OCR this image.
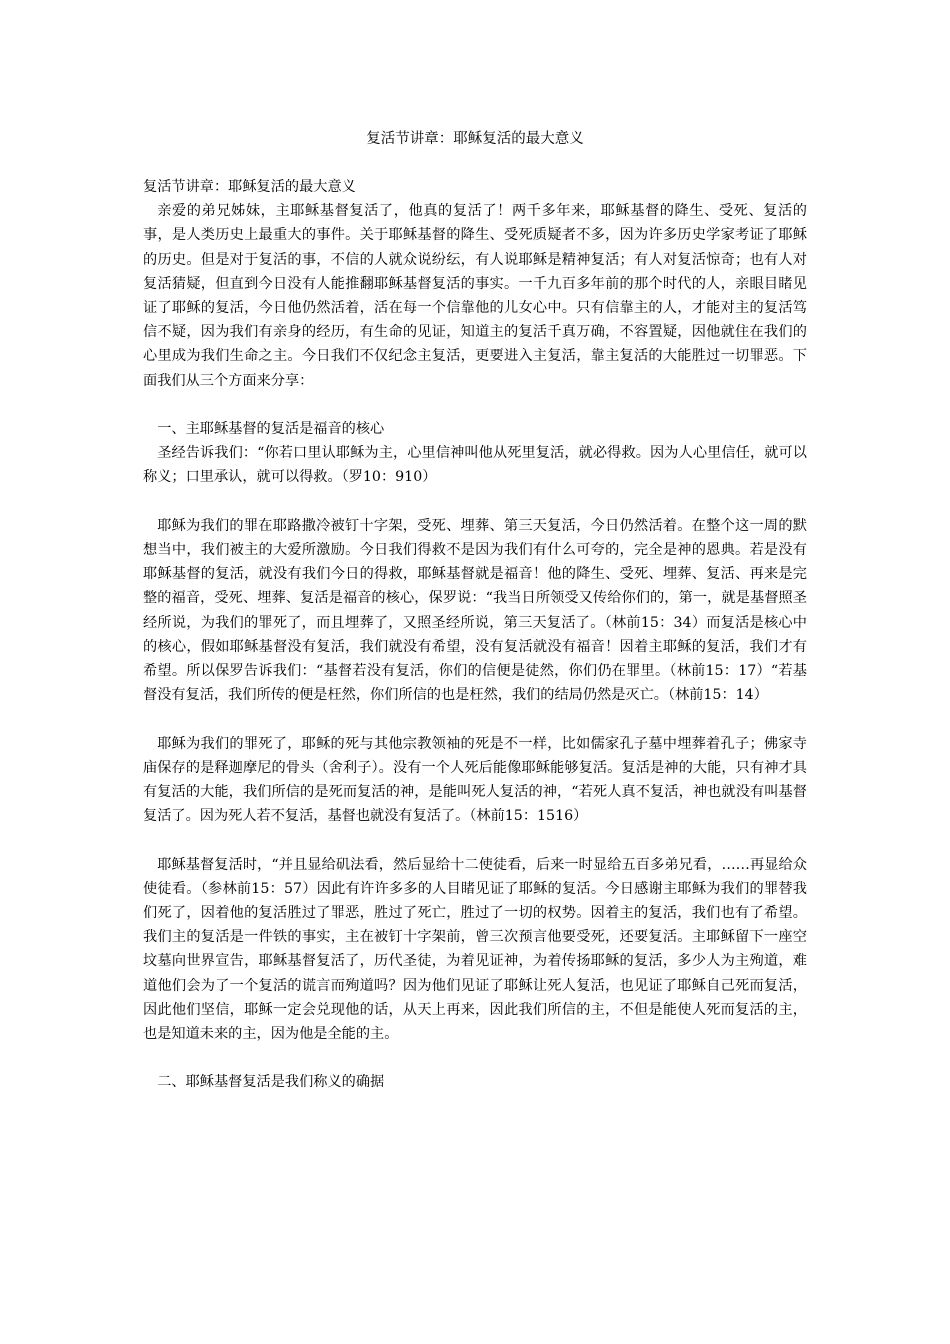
复活节讲章：耶稣复活的最大意义

复活节讲章：耶稣复活的最大意义

亲爱的弟兄姊妹，主耶稣基督复活了，他真的复活了！两千多年来，耶稣基督的降生、受死、复活的事，是人类历史上最重大的事件。关于耶稣基督的降生、受死质疑者不多，因为许多历史学家考证了耶稣的历史。但是对于复活的事，不信的人就众说纷纭，有人说耶稣是精神复活；有人对复活惊奇；也有人对复活猜疑，但直到今日没有人能推翻耶稣基督复活的事实。一千九百多年前的那个时代的人，亲眼目睹见证了耶稣的复活，今日他仍然活着，活在每一个信靠他的儿女心中。只有信靠主的人，才能对主的复活笃信不疑，因为我们有亲身的经历，有生命的见证，知道主的复活千真万确，不容置疑，因他就住在我们的心里成为我们生命之主。今日我们不仅纪念主复活，更要进入主复活，靠主复活的大能胜过一切罪恶。下面我们从三个方面来分享：

一、主耶稣基督的复活是福音的核心

圣经告诉我们：“你若口里认耶稣为主，心里信神叫他从死里复活，就必得救。因为人心里信任，就可以称义；口里承认，就可以得救。（罗10：910）

耶稣为我们的罪在耶路撒冷被钉十字架，受死、埋葬、第三天复活，今日仍然活着。在整个这一周的默想当中，我们被主的大爱所激励。今日我们得救不是因为我们有什么可夸的，完全是神的恩典。若是没有耶稣基督的复活，就没有我们今日的得救，耶稣基督就是福音！他的降生、受死、埋葬、复活、再来是完整的福音，受死、埋葬、复活是福音的核心，保罗说：“我当日所领受又传给你们的，第一，就是基督照圣经所说，为我们的罪死了，而且埋葬了，又照圣经所说，第三天复活了。（林前15：34）而复活是核心中的核心，假如耶稣基督没有复活，我们就没有希望，没有复活就没有福音！因着主耶稣的复活，我们才有希望。所以保罗告诉我们：“基督若没有复活，你们的信便是徒然，你们仍在罪里。（林前15：17）“若基督没有复活，我们所传的便是枉然，你们所信的也是枉然，我们的结局仍然是灭亡。（林前15：14）

耶稣为我们的罪死了，耶稣的死与其他宗教领袖的死是不一样，比如儒家孔子墓中埋葬着孔子；佛家寺庙保存的是释迦摩尼的骨头（舍利子）。没有一个人死后能像耶稣能够复活。复活是神的大能，只有神才具有复活的大能，我们所信的是死而复活的神，是能叫死人复活的神，“若死人真不复活，神也就没有叫基督复活了。因为死人若不复活，基督也就没有复活了。（林前15：1516）

耶稣基督复活时，“并且显给矶法看，然后显给十二使徒看，后来一时显给五百多弟兄看，……再显给众使徒看。（参林前15：57）因此有许许多多的人目睹见证了耶稣的复活。今日感谢主耶稣为我们的罪替我们死了，因着他的复活胜过了罪恶，胜过了死亡，胜过了一切的权势。因着主的复活，我们也有了希望。我们主的复活是一件铁的事实，主在被钉十字架前，曾三次预言他要受死，还要复活。主耶稣留下一座空坟墓向世界宣告，耶稣基督复活了，历代圣徒，为着见证神，为着传扬耶稣的复活，多少人为主殉道，难道他们会为了一个复活的谎言而殉道吗？因为他们见证了耶稣让死人复活，也见证了耶稣自己死而复活，因此他们坚信，耶稣一定会兑现他的话，从天上再来，因此我们所信的主，不但是能使人死而复活的主，也是知道未来的主，因为他是全能的主。

二、耶稣基督复活是我们称义的确据
